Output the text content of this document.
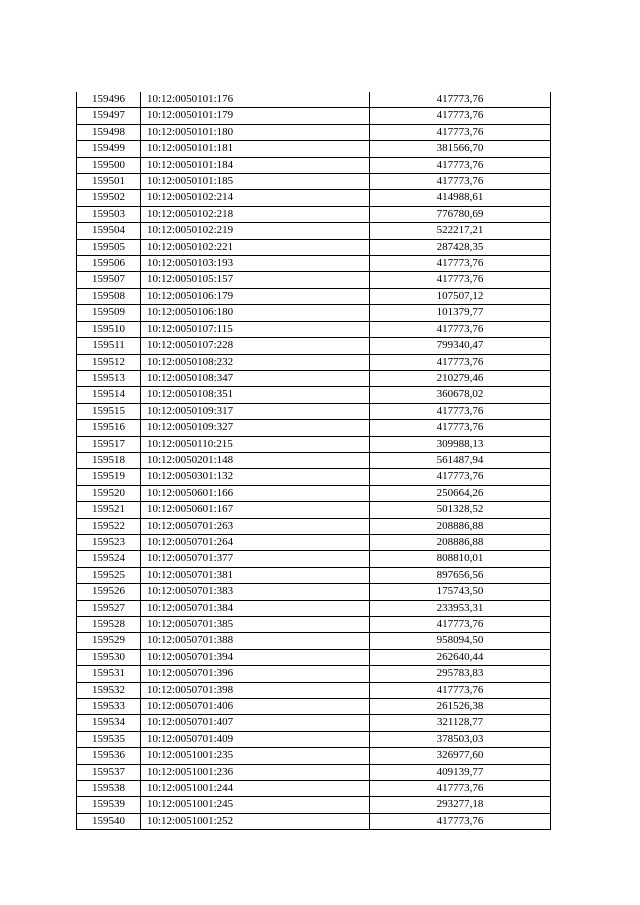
159496	10:12:0050101:176	417773,76
159497	10:12:0050101:179	417773,76
159498	10:12:0050101:180	417773,76
159499	10:12:0050101:181	381566,70
159500	10:12:0050101:184	417773,76
159501	10:12:0050101:185	417773,76
159502	10:12:0050102:214	414988,61
159503	10:12:0050102:218	776780,69
159504	10:12:0050102:219	522217,21
159505	10:12:0050102:221	287428,35
159506	10:12:0050103:193	417773,76
159507	10:12:0050105:157	417773,76
159508	10:12:0050106:179	107507,12
159509	10:12:0050106:180	101379,77
159510	10:12:0050107:115	417773,76
159511	10:12:0050107:228	799340,47
159512	10:12:0050108:232	417773,76
159513	10:12:0050108:347	210279,46
159514	10:12:0050108:351	360678,02
159515	10:12:0050109:317	417773,76
159516	10:12:0050109:327	417773,76
159517	10:12:0050110:215	309988,13
159518	10:12:0050201:148	561487,94
159519	10:12:0050301:132	417773,76
159520	10:12:0050601:166	250664,26
159521	10:12:0050601:167	501328,52
159522	10:12:0050701:263	208886,88
159523	10:12:0050701:264	208886,88
159524	10:12:0050701:377	808810,01
159525	10:12:0050701:381	897656,56
159526	10:12:0050701:383	175743,50
159527	10:12:0050701:384	233953,31
159528	10:12:0050701:385	417773,76
159529	10:12:0050701:388	958094,50
159530	10:12:0050701:394	262640,44
159531	10:12:0050701:396	295783,83
159532	10:12:0050701:398	417773,76
159533	10:12:0050701:406	261526,38
159534	10:12:0050701:407	321128,77
159535	10:12:0050701:409	378503,03
159536	10:12:0051001:235	326977,60
159537	10:12:0051001:236	409139,77
159538	10:12:0051001:244	417773,76
159539	10:12:0051001:245	293277,18
159540	10:12:0051001:252	417773,76
